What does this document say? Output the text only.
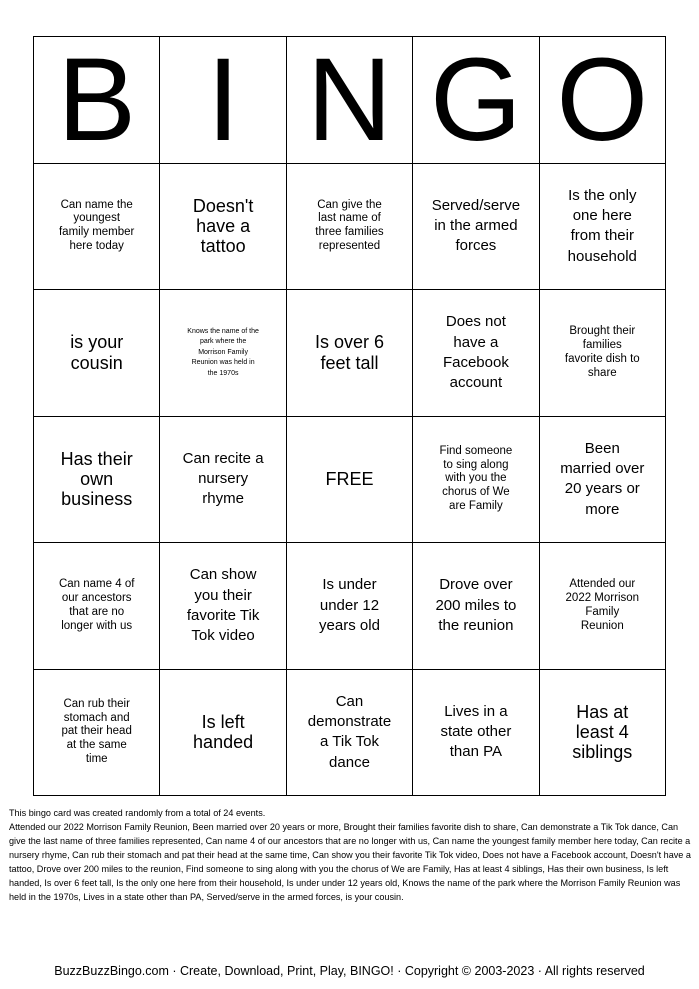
B I N G O
Can name the youngest family member here today
Doesn't have a tattoo
Can give the last name of three families represented
Served/serve in the armed forces
Is the only one here from their household
is your cousin
Knows the name of the park where the Morrison Family Reunion was held in the 1970s
Is over 6 feet tall
Does not have a Facebook account
Brought their families favorite dish to share
Has their own business
Can recite a nursery rhyme
FREE
Find someone to sing along with you the chorus of We are Family
Been married over 20 years or more
Can name 4 of our ancestors that are no longer with us
Can show you their favorite Tik Tok video
Is under under 12 years old
Drove over 200 miles to the reunion
Attended our 2022 Morrison Family Reunion
Can rub their stomach and pat their head at the same time
Is left handed
Can demonstrate a Tik Tok dance
Lives in a state other than PA
Has at least 4 siblings

This bingo card was created randomly from a total of 24 events.

Attended our 2022 Morrison Family Reunion, Been married over 20 years or more, Brought their families favorite dish to share, Can demonstrate a Tik Tok dance, Can give the last name of three families represented, Can name 4 of our ancestors that are no longer with us, Can name the youngest family member here today, Can recite a nursery rhyme, Can rub their stomach and pat their head at the same time, Can show you their favorite Tik Tok video, Does not have a Facebook account, Doesn't have a tattoo, Drove over 200 miles to the reunion, Find someone to sing along with you the chorus of We are Family, Has at least 4 siblings, Has their own business, Is left handed, Is over 6 feet tall, Is the only one here from their household, Is under under 12 years old, Knows the name of the park where the Morrison Family Reunion was held in the 1970s, Lives in a state other than PA, Served/serve in the armed forces, is your cousin.

BuzzBuzzBingo.com · Create, Download, Print, Play, BINGO! · Copyright © 2003-2023 · All rights reserved
